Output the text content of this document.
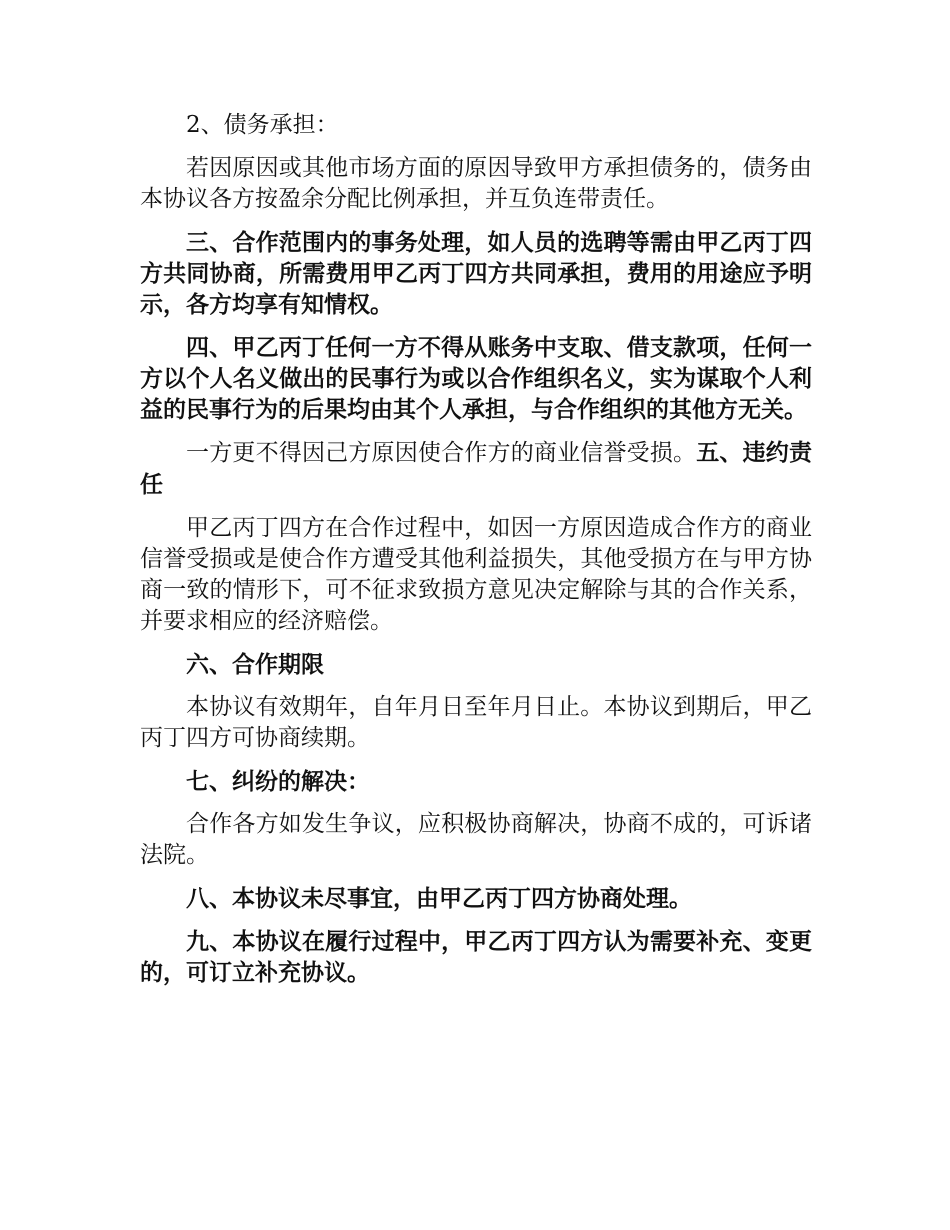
2、债务承担：

若因原因或其他市场方面的原因导致甲方承担债务的，债务由本协议各方按盈余分配比例承担，并互负连带责任。

三、合作范围内的事务处理，如人员的选聘等需由甲乙丙丁四方共同协商，所需费用甲乙丙丁四方共同承担，费用的用途应予明示，各方均享有知情权。

四、甲乙丙丁任何一方不得从账务中支取、借支款项，任何一方以个人名义做出的民事行为或以合作组织名义，实为谋取个人利益的民事行为的后果均由其个人承担，与合作组织的其他方无关。

一方更不得因己方原因使合作方的商业信誉受损。五、违约责任

甲乙丙丁四方在合作过程中，如因一方原因造成合作方的商业信誉受损或是使合作方遭受其他利益损失，其他受损方在与甲方协商一致的情形下，可不征求致损方意见决定解除与其的合作关系，并要求相应的经济赔偿。

六、合作期限

本协议有效期年，自年月日至年月日止。本协议到期后，甲乙丙丁四方可协商续期。

七、纠纷的解决：

合作各方如发生争议，应积极协商解决，协商不成的，可诉诸法院。

八、本协议未尽事宜，由甲乙丙丁四方协商处理。

九、本协议在履行过程中，甲乙丙丁四方认为需要补充、变更的，可订立补充协议。
